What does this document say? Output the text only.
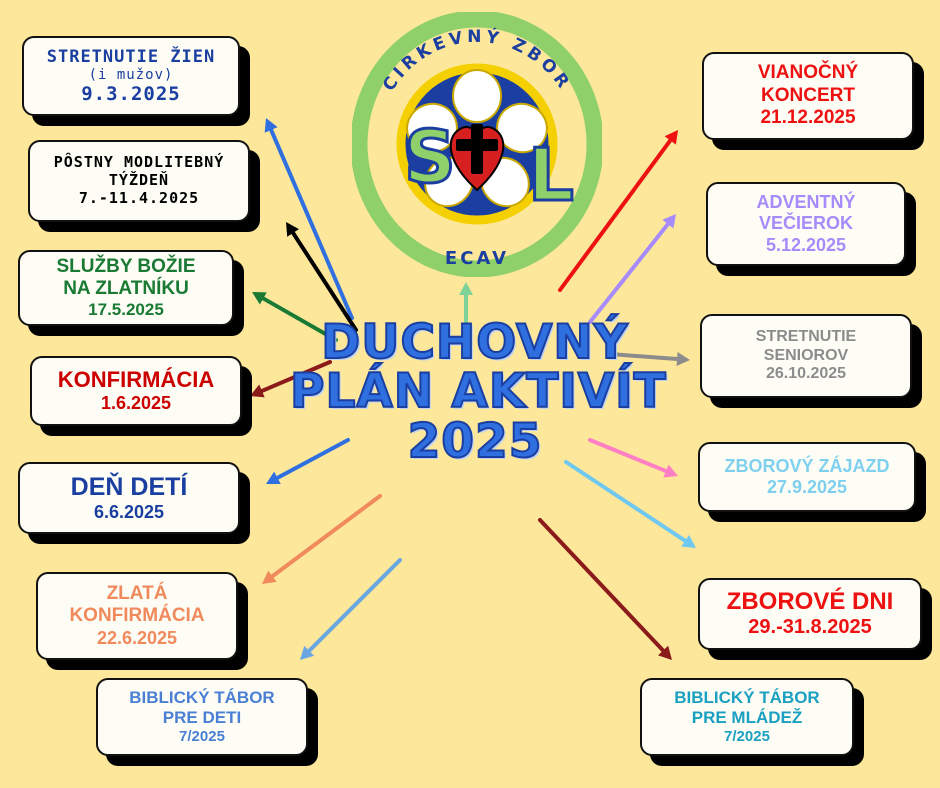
S L
CIRKEVNÝ ZBOR
ECAV
DUCHOVNÝ
PLÁN AKTIVÍT
2025
STRETNUTIE ŽIEN
(i mužov)
9.3.2025
PÔSTNY MODLITEBNÝ
TÝŽDEŇ
7.-11.4.2025
SLUŽBY BOŽIE
NA ZLATNÍKU
17.5.2025
KONFIRMÁCIA
1.6.2025
DEŇ DETÍ
6.6.2025
ZLATÁ
KONFIRMÁCIA
22.6.2025
BIBLICKÝ TÁBOR
PRE DETI
7/2025
VIANOČNÝ
KONCERT
21.12.2025
ADVENTNÝ
VEČIEROK
5.12.2025
STRETNUTIE
SENIOROV
26.10.2025
ZBOROVÝ ZÁJAZD
27.9.2025
ZBOROVÉ DNI
29.-31.8.2025
BIBLICKÝ TÁBOR
PRE MLÁDEŽ
7/2025
